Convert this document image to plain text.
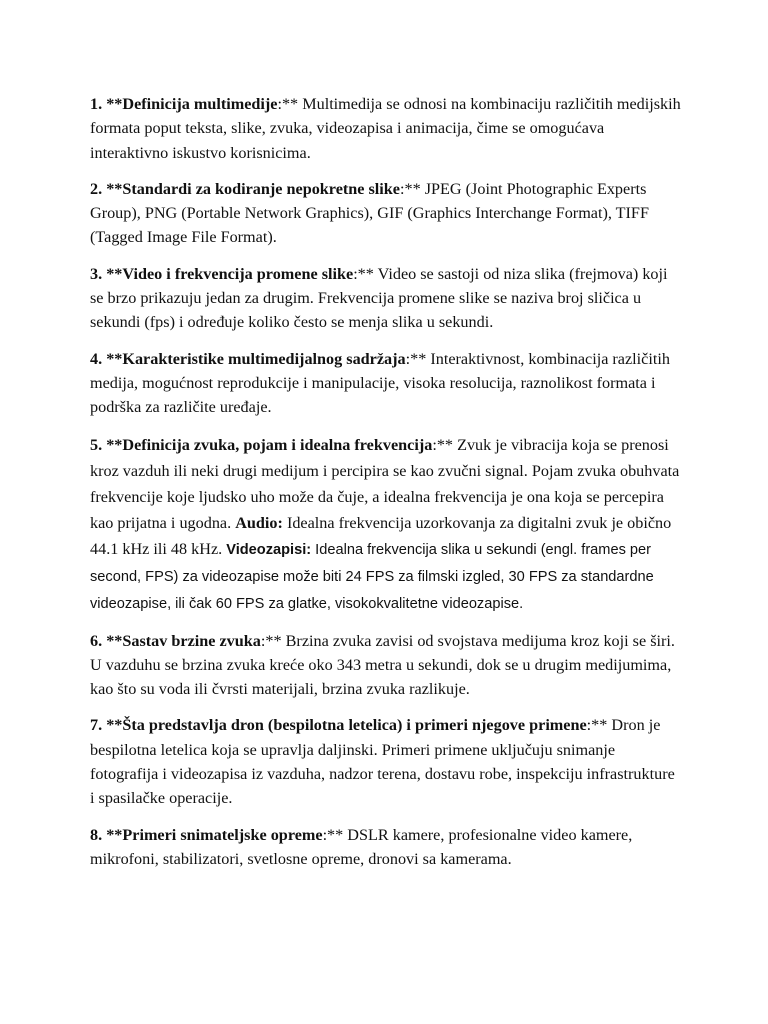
1. **Definicija multimedije:** Multimedija se odnosi na kombinaciju različitih medijskih formata poput teksta, slike, zvuka, videozapisa i animacija, čime se omogućava interaktivno iskustvo korisnicima.

2. **Standardi za kodiranje nepokretne slike:** JPEG (Joint Photographic Experts Group), PNG (Portable Network Graphics), GIF (Graphics Interchange Format), TIFF (Tagged Image File Format).

3. **Video i frekvencija promene slike:** Video se sastoji od niza slika (frejmova) koji se brzo prikazuju jedan za drugim. Frekvencija promene slike se naziva broj sličica u sekundi (fps) i određuje koliko često se menja slika u sekundi.

4. **Karakteristike multimedijalnog sadržaja:** Interaktivnost, kombinacija različitih medija, mogućnost reprodukcije i manipulacije, visoka resolucija, raznolikost formata i podrška za različite uređaje.

5. **Definicija zvuka, pojam i idealna frekvencija:** Zvuk je vibracija koja se prenosi kroz vazduh ili neki drugi medijum i percipira se kao zvučni signal. Pojam zvuka obuhvata frekvencije koje ljudsko uho može da čuje, a idealna frekvencija je ona koja se percepira kao prijatna i ugodna. Audio: Idealna frekvencija uzorkovanja za digitalni zvuk je obično 44.1 kHz ili 48 kHz. Videozapisi: Idealna frekvencija slika u sekundi (engl. frames per second, FPS) za videozapise može biti 24 FPS za filmski izgled, 30 FPS za standardne videozapise, ili čak 60 FPS za glatke, visokokvalitetne videozapise.

6. **Sastav brzine zvuka:** Brzina zvuka zavisi od svojstava medijuma kroz koji se širi. U vazduhu se brzina zvuka kreće oko 343 metra u sekundi, dok se u drugim medijumima, kao što su voda ili čvrsti materijali, brzina zvuka razlikuje.

7. **Šta predstavlja dron (bespilotna letelica) i primeri njegove primene:** Dron je bespilotna letelica koja se upravlja daljinski. Primeri primene uključuju snimanje fotografija i videozapisa iz vazduha, nadzor terena, dostavu robe, inspekciju infrastrukture i spasilačke operacije.

8. **Primeri snimateljske opreme:** DSLR kamere, profesionalne video kamere, mikrofoni, stabilizatori, svetlosne opreme, dronovi sa kamerama.
